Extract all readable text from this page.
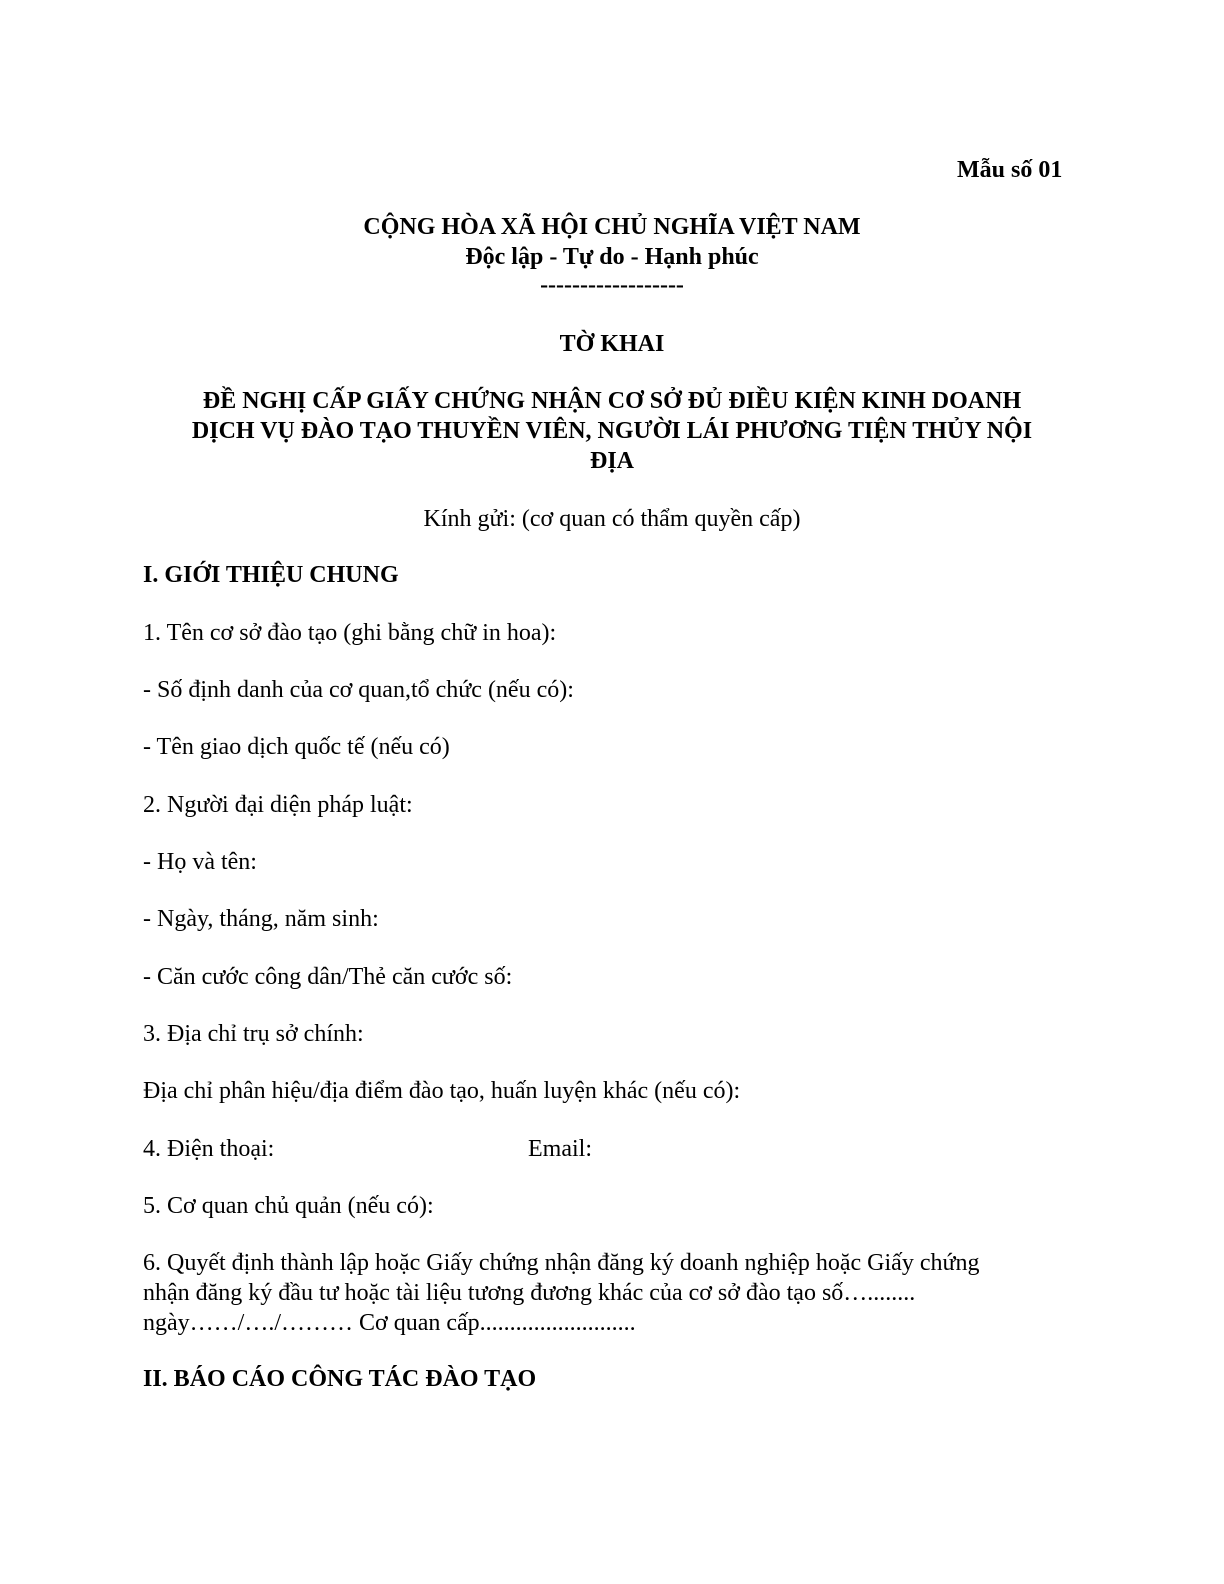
Mẫu số 01
CỘNG HÒA XÃ HỘI CHỦ NGHĨA VIỆT NAM
Độc lập - Tự do - Hạnh phúc
------------------
TỜ KHAI
ĐỀ NGHỊ CẤP GIẤY CHỨNG NHẬN CƠ SỞ ĐỦ ĐIỀU KIỆN KINH DOANH
DỊCH VỤ ĐÀO TẠO THUYỀN VIÊN, NGƯỜI LÁI PHƯƠNG TIỆN THỦY NỘI
ĐỊA
Kính gửi: (cơ quan có thẩm quyền cấp)
I. GIỚI THIỆU CHUNG
1. Tên cơ sở đào tạo (ghi bằng chữ in hoa):
- Số định danh của cơ quan,tổ chức (nếu có):
- Tên giao dịch quốc tế (nếu có)
2. Người đại diện pháp luật:
- Họ và tên:
- Ngày, tháng, năm sinh:
- Căn cước công dân/Thẻ căn cước số:
3. Địa chỉ trụ sở chính:
Địa chỉ phân hiệu/địa điểm đào tạo, huấn luyện khác (nếu có):
4. Điện thoại:	Email:
5. Cơ quan chủ quản (nếu có):
6. Quyết định thành lập hoặc Giấy chứng nhận đăng ký doanh nghiệp hoặc Giấy chứng
nhận đăng ký đầu tư hoặc tài liệu tương đương khác của cơ sở đào tạo số…........
ngày……/…./……… Cơ quan cấp..........................
II. BÁO CÁO CÔNG TÁC ĐÀO TẠO
